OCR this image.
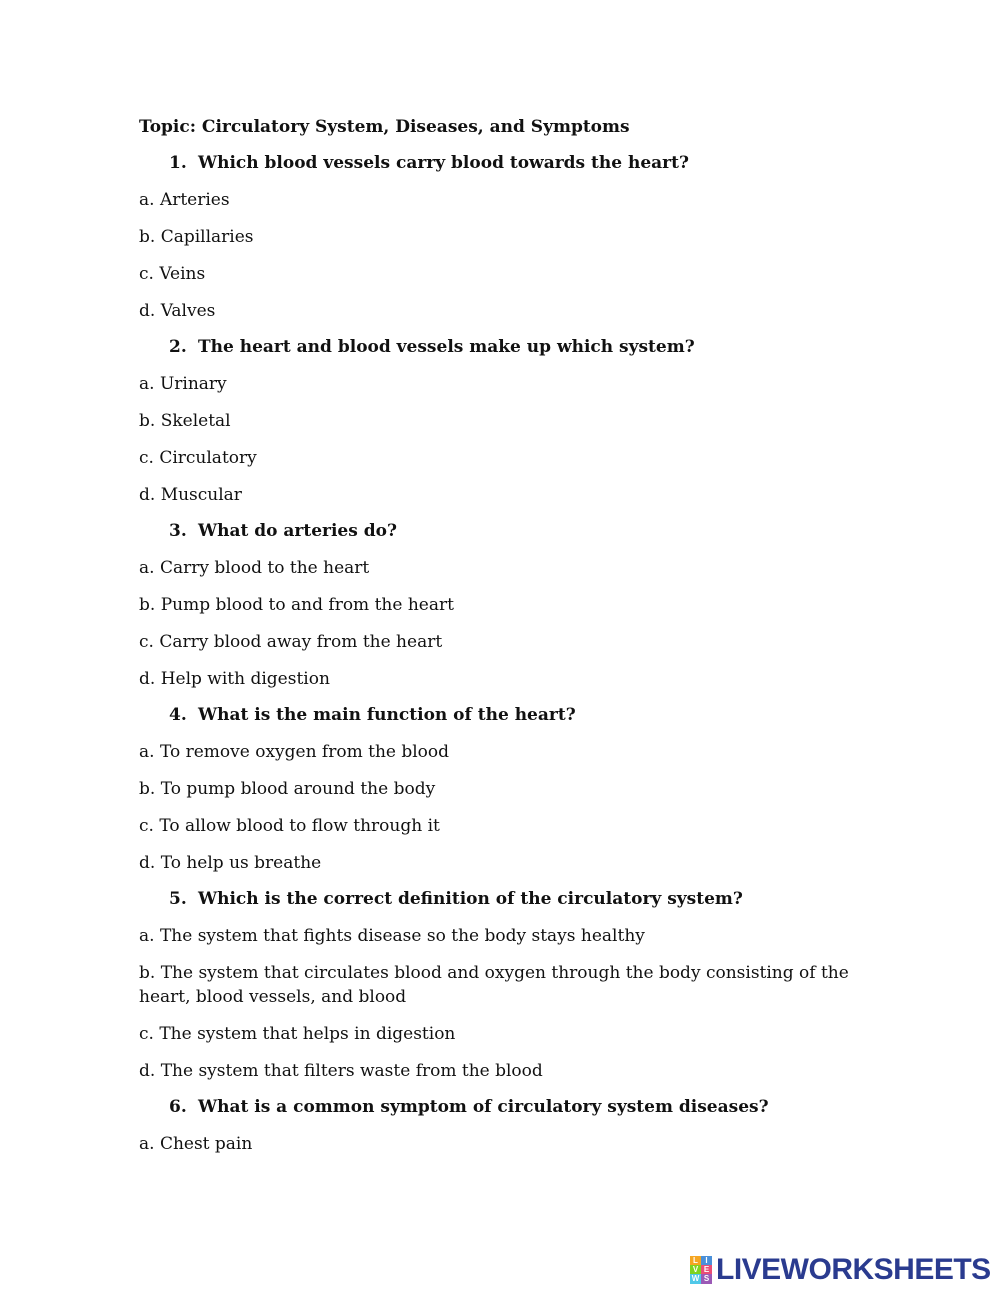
Topic: Circulatory System, Diseases, and Symptoms
1. Which blood vessels carry blood towards the heart?
a. Arteries
b. Capillaries
c. Veins
d. Valves
2. The heart and blood vessels make up which system?
a. Urinary
b. Skeletal
c. Circulatory
d. Muscular
3. What do arteries do?
a. Carry blood to the heart
b. Pump blood to and from the heart
c. Carry blood away from the heart
d. Help with digestion
4. What is the main function of the heart?
a. To remove oxygen from the blood
b. To pump blood around the body
c. To allow blood to flow through it
d. To help us breathe
5. Which is the correct definition of the circulatory system?
a. The system that fights disease so the body stays healthy
b. The system that circulates blood and oxygen through the body consisting of the heart, blood vessels, and blood
c. The system that helps in digestion
d. The system that filters waste from the blood
6. What is a common symptom of circulatory system diseases?
a. Chest pain
L I
V E
W S LIVEWORKSHEETS
